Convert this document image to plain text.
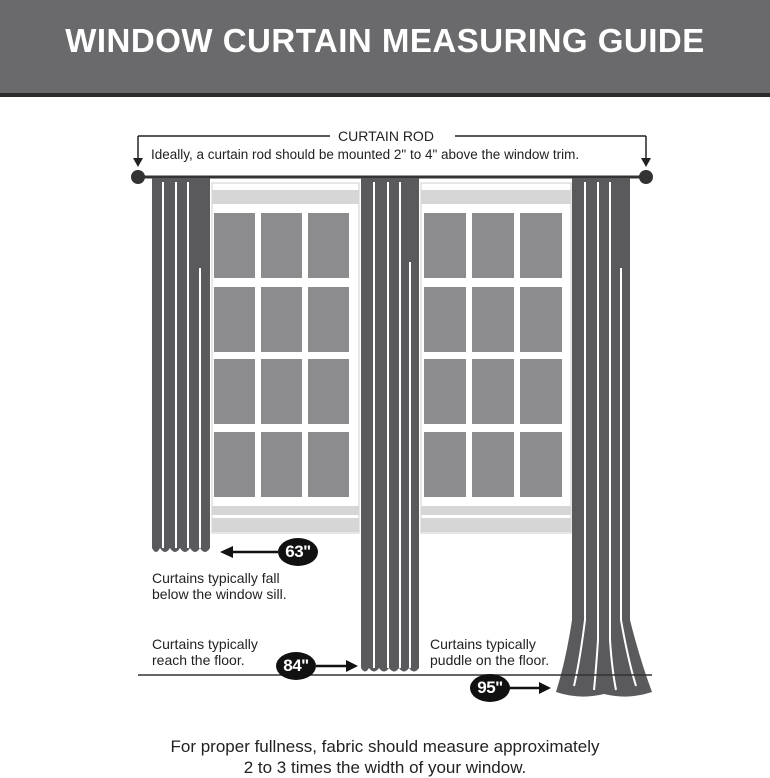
WINDOW CURTAIN MEASURING GUIDE
CURTAIN ROD
Ideally, a curtain rod should be mounted 2" to 4" above the window trim.
63"
84"
95"
Curtains typically fall
below the window sill.
Curtains typically
reach the floor.
Curtains typically
puddle on the floor.
For proper fullness, fabric should measure approximately
2 to 3 times the width of your window.
